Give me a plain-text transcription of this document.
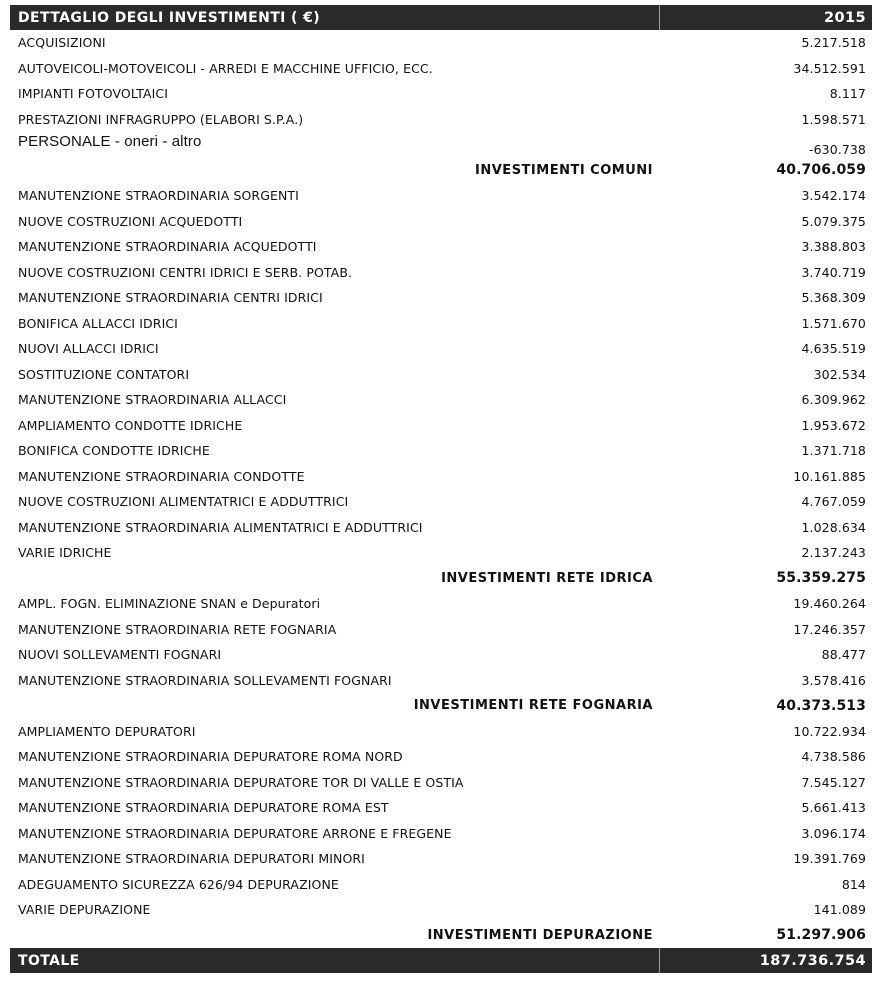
DETTAGLIO DEGLI INVESTIMENTI ( €)	2015
ACQUISIZIONI	5.217.518
AUTOVEICOLI-MOTOVEICOLI - ARREDI E MACCHINE UFFICIO, ECC.	34.512.591
IMPIANTI FOTOVOLTAICI	8.117
PRESTAZIONI INFRAGRUPPO (ELABORI S.P.A.)	1.598.571
PERSONALE - oneri - altro	-630.738
INVESTIMENTI COMUNI	40.706.059
MANUTENZIONE STRAORDINARIA SORGENTI	3.542.174
NUOVE COSTRUZIONI ACQUEDOTTI	5.079.375
MANUTENZIONE STRAORDINARIA ACQUEDOTTI	3.388.803
NUOVE COSTRUZIONI CENTRI IDRICI E SERB. POTAB.	3.740.719
MANUTENZIONE STRAORDINARIA CENTRI IDRICI	5.368.309
BONIFICA ALLACCI IDRICI	1.571.670
NUOVI ALLACCI IDRICI	4.635.519
SOSTITUZIONE CONTATORI	302.534
MANUTENZIONE STRAORDINARIA ALLACCI	6.309.962
AMPLIAMENTO CONDOTTE IDRICHE	1.953.672
BONIFICA CONDOTTE IDRICHE	1.371.718
MANUTENZIONE STRAORDINARIA CONDOTTE	10.161.885
NUOVE COSTRUZIONI ALIMENTATRICI E ADDUTTRICI	4.767.059
MANUTENZIONE STRAORDINARIA ALIMENTATRICI E ADDUTTRICI	1.028.634
VARIE IDRICHE	2.137.243
INVESTIMENTI RETE IDRICA	55.359.275
AMPL. FOGN. ELIMINAZIONE SNAN e Depuratori	19.460.264
MANUTENZIONE STRAORDINARIA RETE FOGNARIA	17.246.357
NUOVI SOLLEVAMENTI FOGNARI	88.477
MANUTENZIONE STRAORDINARIA SOLLEVAMENTI FOGNARI	3.578.416
INVESTIMENTI RETE FOGNARIA	40.373.513
AMPLIAMENTO DEPURATORI	10.722.934
MANUTENZIONE STRAORDINARIA DEPURATORE ROMA NORD	4.738.586
MANUTENZIONE STRAORDINARIA DEPURATORE TOR DI VALLE E OSTIA	7.545.127
MANUTENZIONE STRAORDINARIA DEPURATORE ROMA EST	5.661.413
MANUTENZIONE STRAORDINARIA DEPURATORE ARRONE E FREGENE	3.096.174
MANUTENZIONE STRAORDINARIA DEPURATORI MINORI	19.391.769
ADEGUAMENTO SICUREZZA 626/94 DEPURAZIONE	814
VARIE DEPURAZIONE	141.089
INVESTIMENTI DEPURAZIONE	51.297.906
TOTALE	187.736.754
